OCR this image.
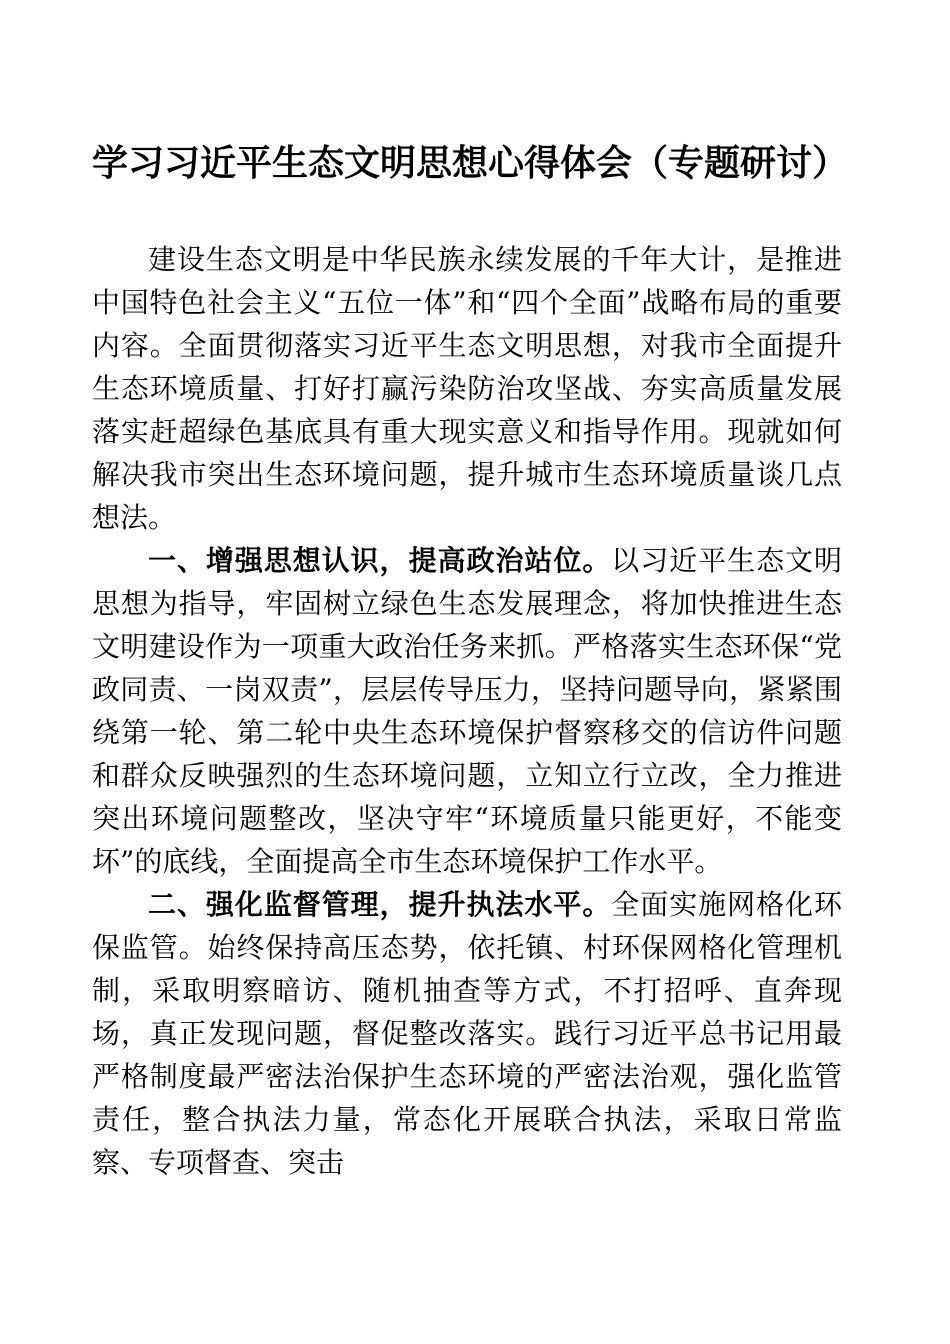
学习习近平生态文明思想心得体会（专题研讨）

建设生态文明是中华民族永续发展的千年大计，是推进中国特色社会主义“五位一体”和“四个全面”战略布局的重要内容。全面贯彻落实习近平生态文明思想，对我市全面提升生态环境质量、打好打赢污染防治攻坚战、夯实高质量发展落实赶超绿色基底具有重大现实意义和指导作用。现就如何解决我市突出生态环境问题，提升城市生态环境质量谈几点想法。

一、增强思想认识，提高政治站位。以习近平生态文明思想为指导，牢固树立绿色生态发展理念，将加快推进生态文明建设作为一项重大政治任务来抓。严格落实生态环保“党政同责、一岗双责”，层层传导压力，坚持问题导向，紧紧围绕第一轮、第二轮中央生态环境保护督察移交的信访件问题和群众反映强烈的生态环境问题，立知立行立改，全力推进突出环境问题整改，坚决守牢“环境质量只能更好，不能变坏”的底线，全面提高全市生态环境保护工作水平。

二、强化监督管理，提升执法水平。全面实施网格化环保监管。始终保持高压态势，依托镇、村环保网格化管理机制，采取明察暗访、随机抽查等方式，不打招呼、直奔现场，真正发现问题，督促整改落实。践行习近平总书记用最严格制度最严密法治保护生态环境的严密法治观，强化监管责任，整合执法力量，常态化开展联合执法，采取日常监察、专项督查、突击
